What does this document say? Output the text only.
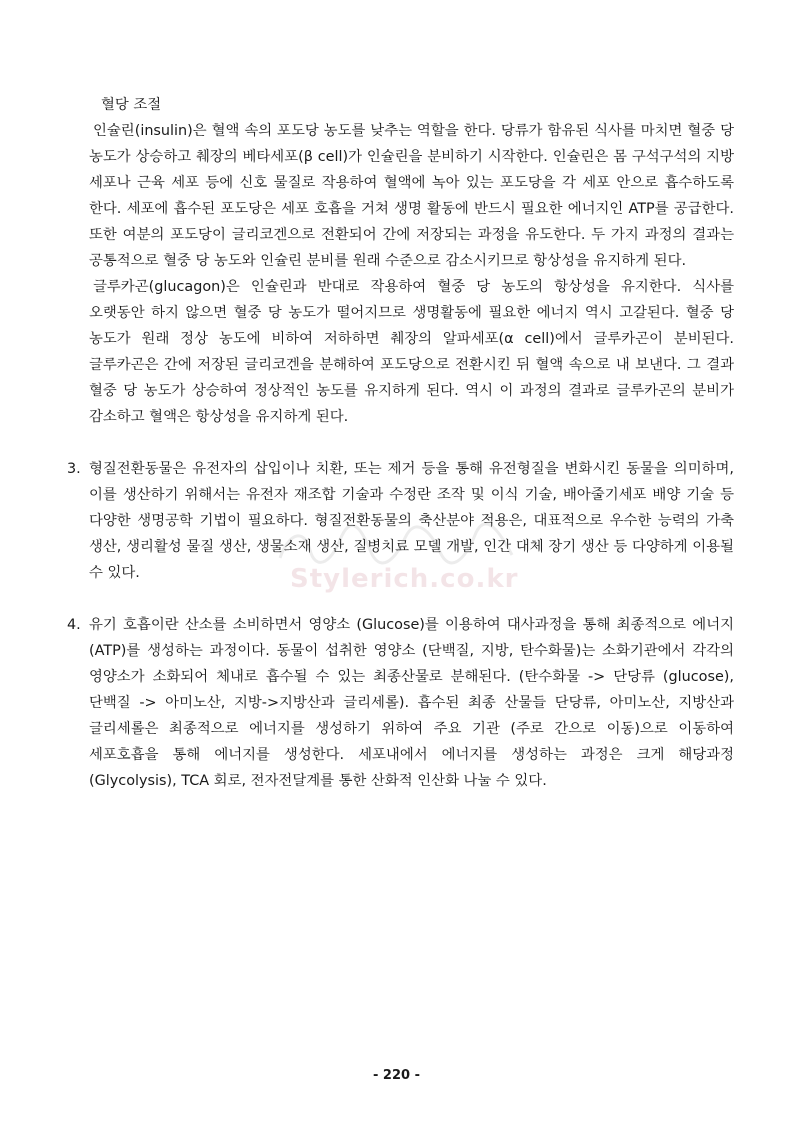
혈당 조절

인슐린(insulin)은 혈액 속의 포도당 농도를 낮추는 역할을 한다. 당류가 함유된 식사를 마치면 혈중 당 농도가 상승하고 췌장의 베타세포(β cell)가 인슐린을 분비하기 시작한다. 인슐린은 몸 구석구석의 지방 세포나 근육 세포 등에 신호 물질로 작용하여 혈액에 녹아 있는 포도당을 각 세포 안으로 흡수하도록 한다. 세포에 흡수된 포도당은 세포 호흡을 거쳐 생명 활동에 반드시 필요한 에너지인 ATP를 공급한다. 또한 여분의 포도당이 글리코겐으로 전환되어 간에 저장되는 과정을 유도한다. 두 가지 과정의 결과는 공통적으로 혈중 당 농도와 인슐린 분비를 원래 수준으로 감소시키므로 항상성을 유지하게 된다.

글루카곤(glucagon)은 인슐린과 반대로 작용하여 혈중 당 농도의 항상성을 유지한다. 식사를 오랫동안 하지 않으면 혈중 당 농도가 떨어지므로 생명활동에 필요한 에너지 역시 고갈된다. 혈중 당 농도가 원래 정상 농도에 비하여 저하하면 췌장의 알파세포(α cell)에서 글루카곤이 분비된다. 글루카곤은 간에 저장된 글리코겐을 분해하여 포도당으로 전환시킨 뒤 혈액 속으로 내 보낸다. 그 결과 혈중 당 농도가 상승하여 정상적인 농도를 유지하게 된다. 역시 이 과정의 결과로 글루카곤의 분비가 감소하고 혈액은 항상성을 유지하게 된다.

3. 형질전환동물은 유전자의 삽입이나 치환, 또는 제거 등을 통해 유전형질을 변화시킨 동물을 의미하며, 이를 생산하기 위해서는 유전자 재조합 기술과 수정란 조작 및 이식 기술, 배아줄기세포 배양 기술 등 다양한 생명공학 기법이 필요하다. 형질전환동물의 축산분야 적용은, 대표적으로 우수한 능력의 가축 생산, 생리활성 물질 생산, 생물소재 생산, 질병치료 모델 개발, 인간 대체 장기 생산 등 다양하게 이용될 수 있다.
4. 유기 호흡이란 산소를 소비하면서 영양소 (Glucose)를 이용하여 대사과정을 통해 최종적으로 에너지 (ATP)를 생성하는 과정이다. 동물이 섭취한 영양소 (단백질, 지방, 탄수화물)는 소화기관에서 각각의 영양소가 소화되어 체내로 흡수될 수 있는 최종산물로 분해된다. (탄수화물 -> 단당류 (glucose), 단백질 -> 아미노산, 지방->지방산과 글리세롤). 흡수된 최종 산물들 단당류, 아미노산, 지방산과 글리세롤은 최종적으로 에너지를 생성하기 위하여 주요 기관 (주로 간으로 이동)으로 이동하여 세포호흡을 통해 에너지를 생성한다. 세포내에서 에너지를 생성하는 과정은 크게 해당과정 (Glycolysis), TCA 회로, 전자전달계를 통한 산화적 인산화 나눌 수 있다.
Stylerich.co.kr
- 220 -
